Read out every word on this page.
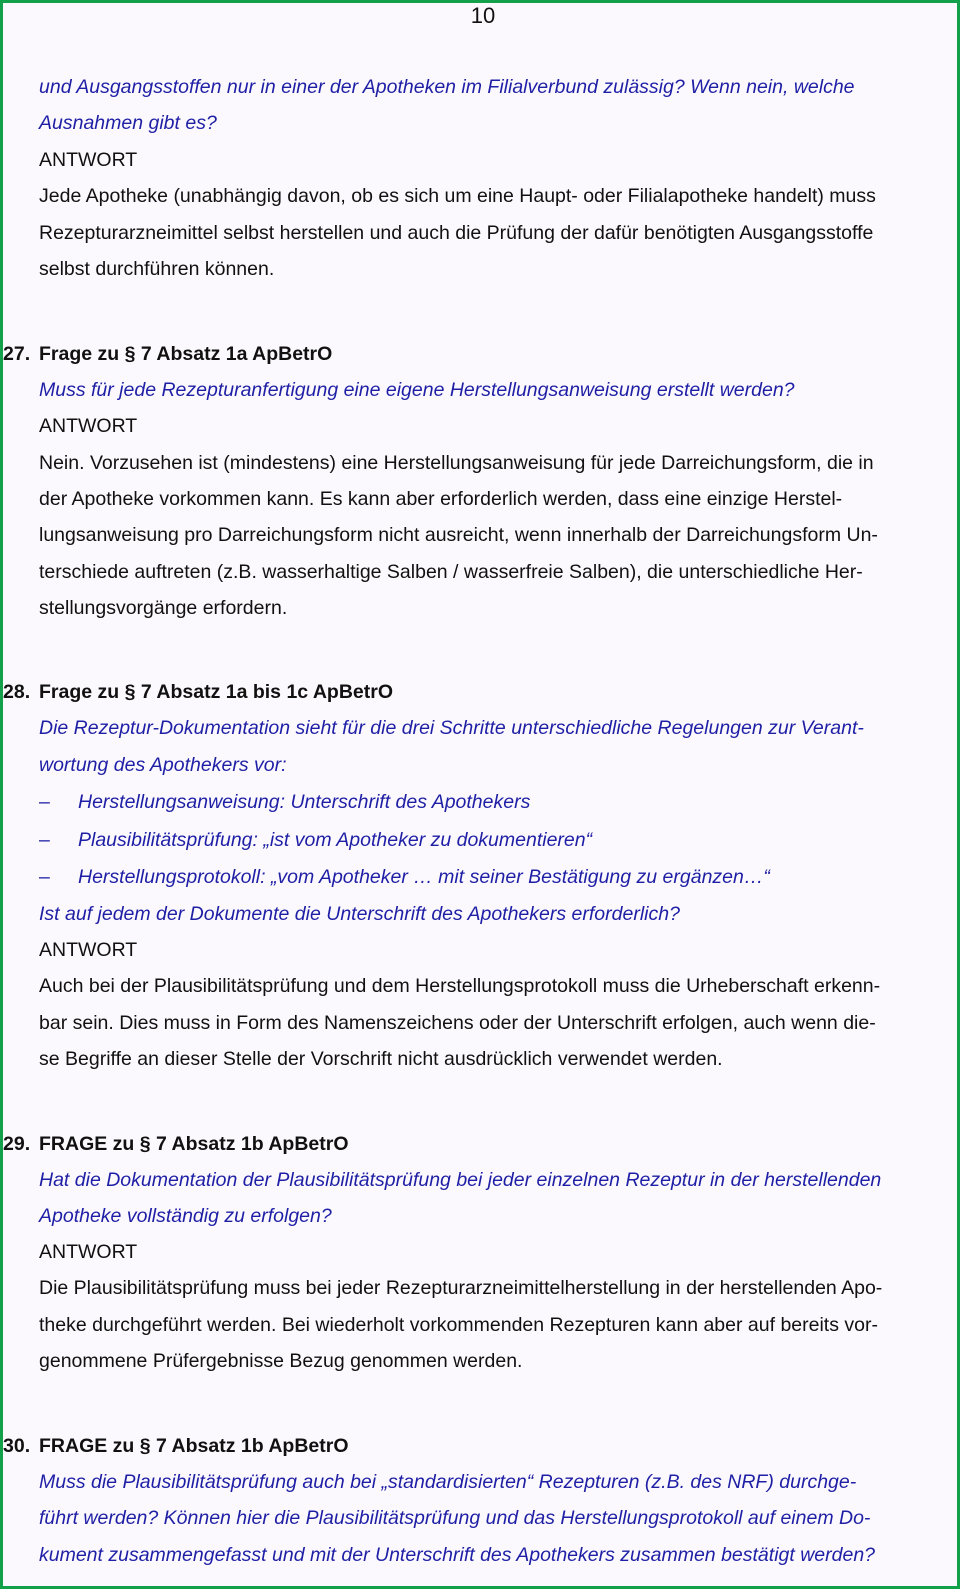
10
und Ausgangsstoffen nur in einer der Apotheken im Filialverbund zulässig? Wenn nein, welche
Ausnahmen gibt es?
ANTWORT
Jede Apotheke (unabhängig davon, ob es sich um eine Haupt- oder Filialapotheke handelt) muss
Rezepturarzneimittel selbst herstellen und auch die Prüfung der dafür benötigten Ausgangsstoffe
selbst durchführen können.
27. Frage zu § 7 Absatz 1a ApBetrO
Muss für jede Rezepturanfertigung eine eigene Herstellungsanweisung erstellt werden?
ANTWORT
Nein. Vorzusehen ist (mindestens) eine Herstellungsanweisung für jede Darreichungsform, die in
der Apotheke vorkommen kann. Es kann aber erforderlich werden, dass eine einzige Herstel-
lungsanweisung pro Darreichungsform nicht ausreicht, wenn innerhalb der Darreichungsform Un-
terschiede auftreten (z.B. wasserhaltige Salben / wasserfreie Salben), die unterschiedliche Her-
stellungsvorgänge erfordern.
28. Frage zu § 7 Absatz 1a bis 1c ApBetrO
Die Rezeptur-Dokumentation sieht für die drei Schritte unterschiedliche Regelungen zur Verant-
wortung des Apothekers vor:
–	Herstellungsanweisung: Unterschrift des Apothekers
–	Plausibilitätsprüfung: „ist vom Apotheker zu dokumentieren“
–	Herstellungsprotokoll: „vom Apotheker … mit seiner Bestätigung zu ergänzen…“
Ist auf jedem der Dokumente die Unterschrift des Apothekers erforderlich?
ANTWORT
Auch bei der Plausibilitätsprüfung und dem Herstellungsprotokoll muss die Urheberschaft erkenn-
bar sein. Dies muss in Form des Namenszeichens oder der Unterschrift erfolgen, auch wenn die-
se Begriffe an dieser Stelle der Vorschrift nicht ausdrücklich verwendet werden.
29. FRAGE zu § 7 Absatz 1b ApBetrO
Hat die Dokumentation der Plausibilitätsprüfung bei jeder einzelnen Rezeptur in der herstellenden
Apotheke vollständig zu erfolgen?
ANTWORT
Die Plausibilitätsprüfung muss bei jeder Rezepturarzneimittelherstellung in der herstellenden Apo-
theke durchgeführt werden. Bei wiederholt vorkommenden Rezepturen kann aber auf bereits vor-
genommene Prüfergebnisse Bezug genommen werden.
30. FRAGE zu § 7 Absatz 1b ApBetrO
Muss die Plausibilitätsprüfung auch bei „standardisierten“ Rezepturen (z.B. des NRF) durchge-
führt werden? Können hier die Plausibilitätsprüfung und das Herstellungsprotokoll auf einem Do-
kument zusammengefasst und mit der Unterschrift des Apothekers zusammen bestätigt werden?
